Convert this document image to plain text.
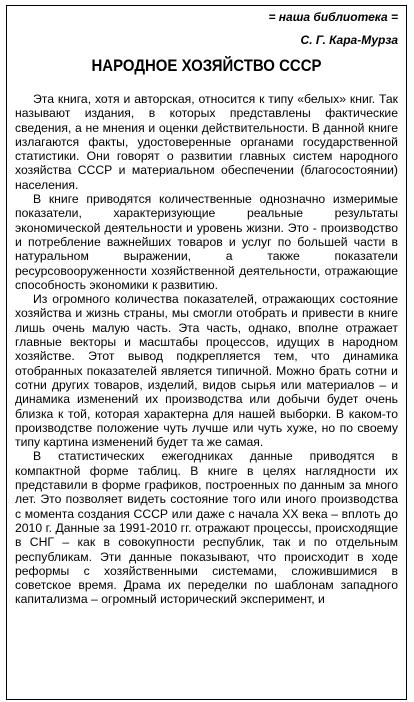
= наша библиотека =
С. Г. Кара-Мурза
НАРОДНОЕ ХОЗЯЙСТВО СССР

Эта книга, хотя и авторская, относится к типу «белых» книг. Так называют издания, в которых представлены фактические сведения, а не мнения и оценки действительности. В данной книге излагаются факты, удостоверенные органами государственной статистики. Они говорят о развитии главных систем народного хозяйства СССР и материальном обеспечении (благосостоянии) населения.

В книге приводятся количественные однозначно измеримые показатели, характеризующие реальные результаты экономической деятельности и уровень жизни. Это - производство и потребление важнейших товаров и услуг по большей части в натуральном выражении, а также показатели ресурсовооруженности хозяйственной деятельности, отражающие способность экономики к развитию.

Из огромного количества показателей, отражающих состояние хозяйства и жизнь страны, мы смогли отобрать и привести в книге лишь очень малую часть. Эта часть, однако, вполне отражает главные векторы и масштабы процессов, идущих в народном хозяйстве. Этот вывод подкрепляется тем, что динамика отобранных показателей является типичной. Можно брать сотни и сотни других товаров, изделий, видов сырья или материалов – и динамика изменений их производства или добычи будет очень близка к той, которая характерна для нашей выборки. В каком-то производстве положение чуть лучше или чуть хуже, но по своему типу картина изменений будет та же самая.

В статистических ежегодниках данные приводятся в компактной форме таблиц. В книге в целях наглядности их представили в форме графиков, построенных по данным за много лет. Это позволяет видеть состояние того или иного производства с момента создания СССР или даже с начала XX века – вплоть до 2010 г. Данные за 1991-2010 гг. отражают процессы, происходящие в СНГ – как в совокупности республик, так и по отдельным республикам. Эти данные показывают, что происходит в ходе реформы с хозяйственными системами, сложившимися в советское время. Драма их переделки по шаблонам западного капитализма – огромный исторический эксперимент, и
